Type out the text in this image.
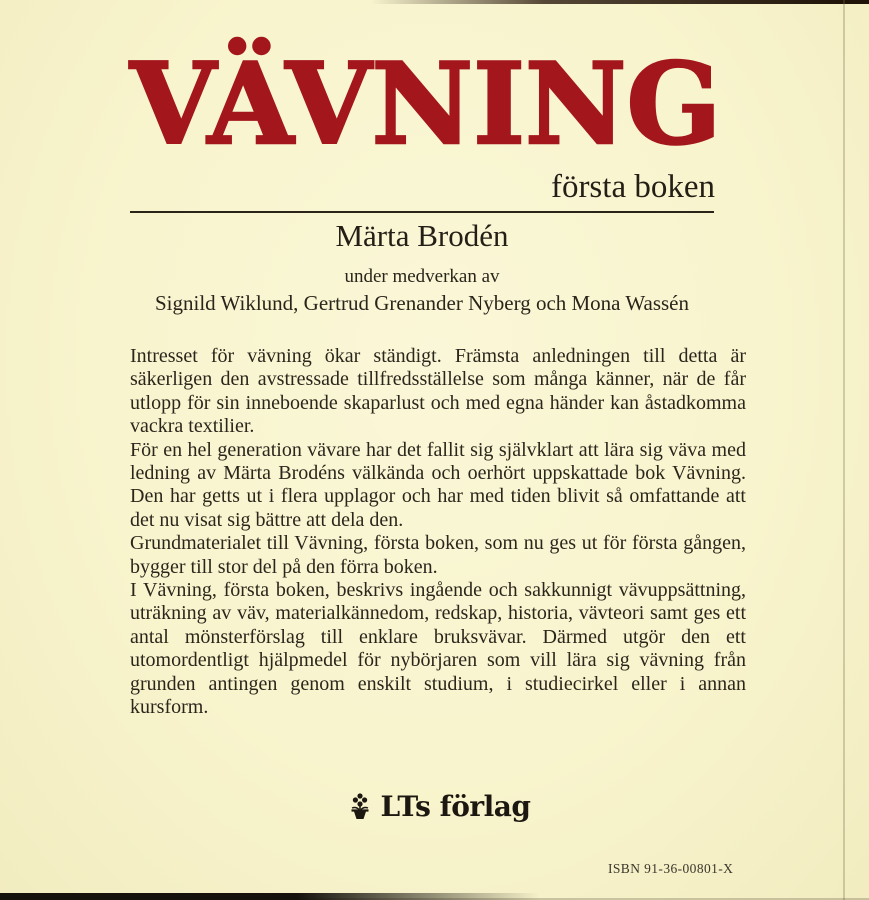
VÄVNING
första boken
Märta Brodén
under medverkan av
Signild Wiklund, Gertrud Grenander Nyberg och Mona Wassén

Intresset för vävning ökar ständigt. Främsta anledningen till detta är säkerligen den avstressade tillfredsställelse som många känner, när de får utlopp för sin inneboende skaparlust och med egna händer kan åstadkomma vackra textilier.

För en hel generation vävare har det fallit sig självklart att lära sig väva med ledning av Märta Brodéns välkända och oerhört uppskattade bok Vävning. Den har getts ut i flera upplagor och har med tiden blivit så omfattande att det nu visat sig bättre att dela den.

Grundmaterialet till Vävning, första boken, som nu ges ut för första gången, bygger till stor del på den förra boken.

I Vävning, första boken, beskrivs ingående och sakkunnigt vävuppsättning, uträkning av väv, materialkännedom, redskap, historia, vävteori samt ges ett antal mönsterförslag till enklare bruksvävar. Därmed utgör den ett utomordentligt hjälpmedel för nybörjaren som vill lära sig vävning från grunden antingen genom enskilt studium, i studiecirkel eller i annan kursform.

LTs förlag
ISBN 91-36-00801-X
